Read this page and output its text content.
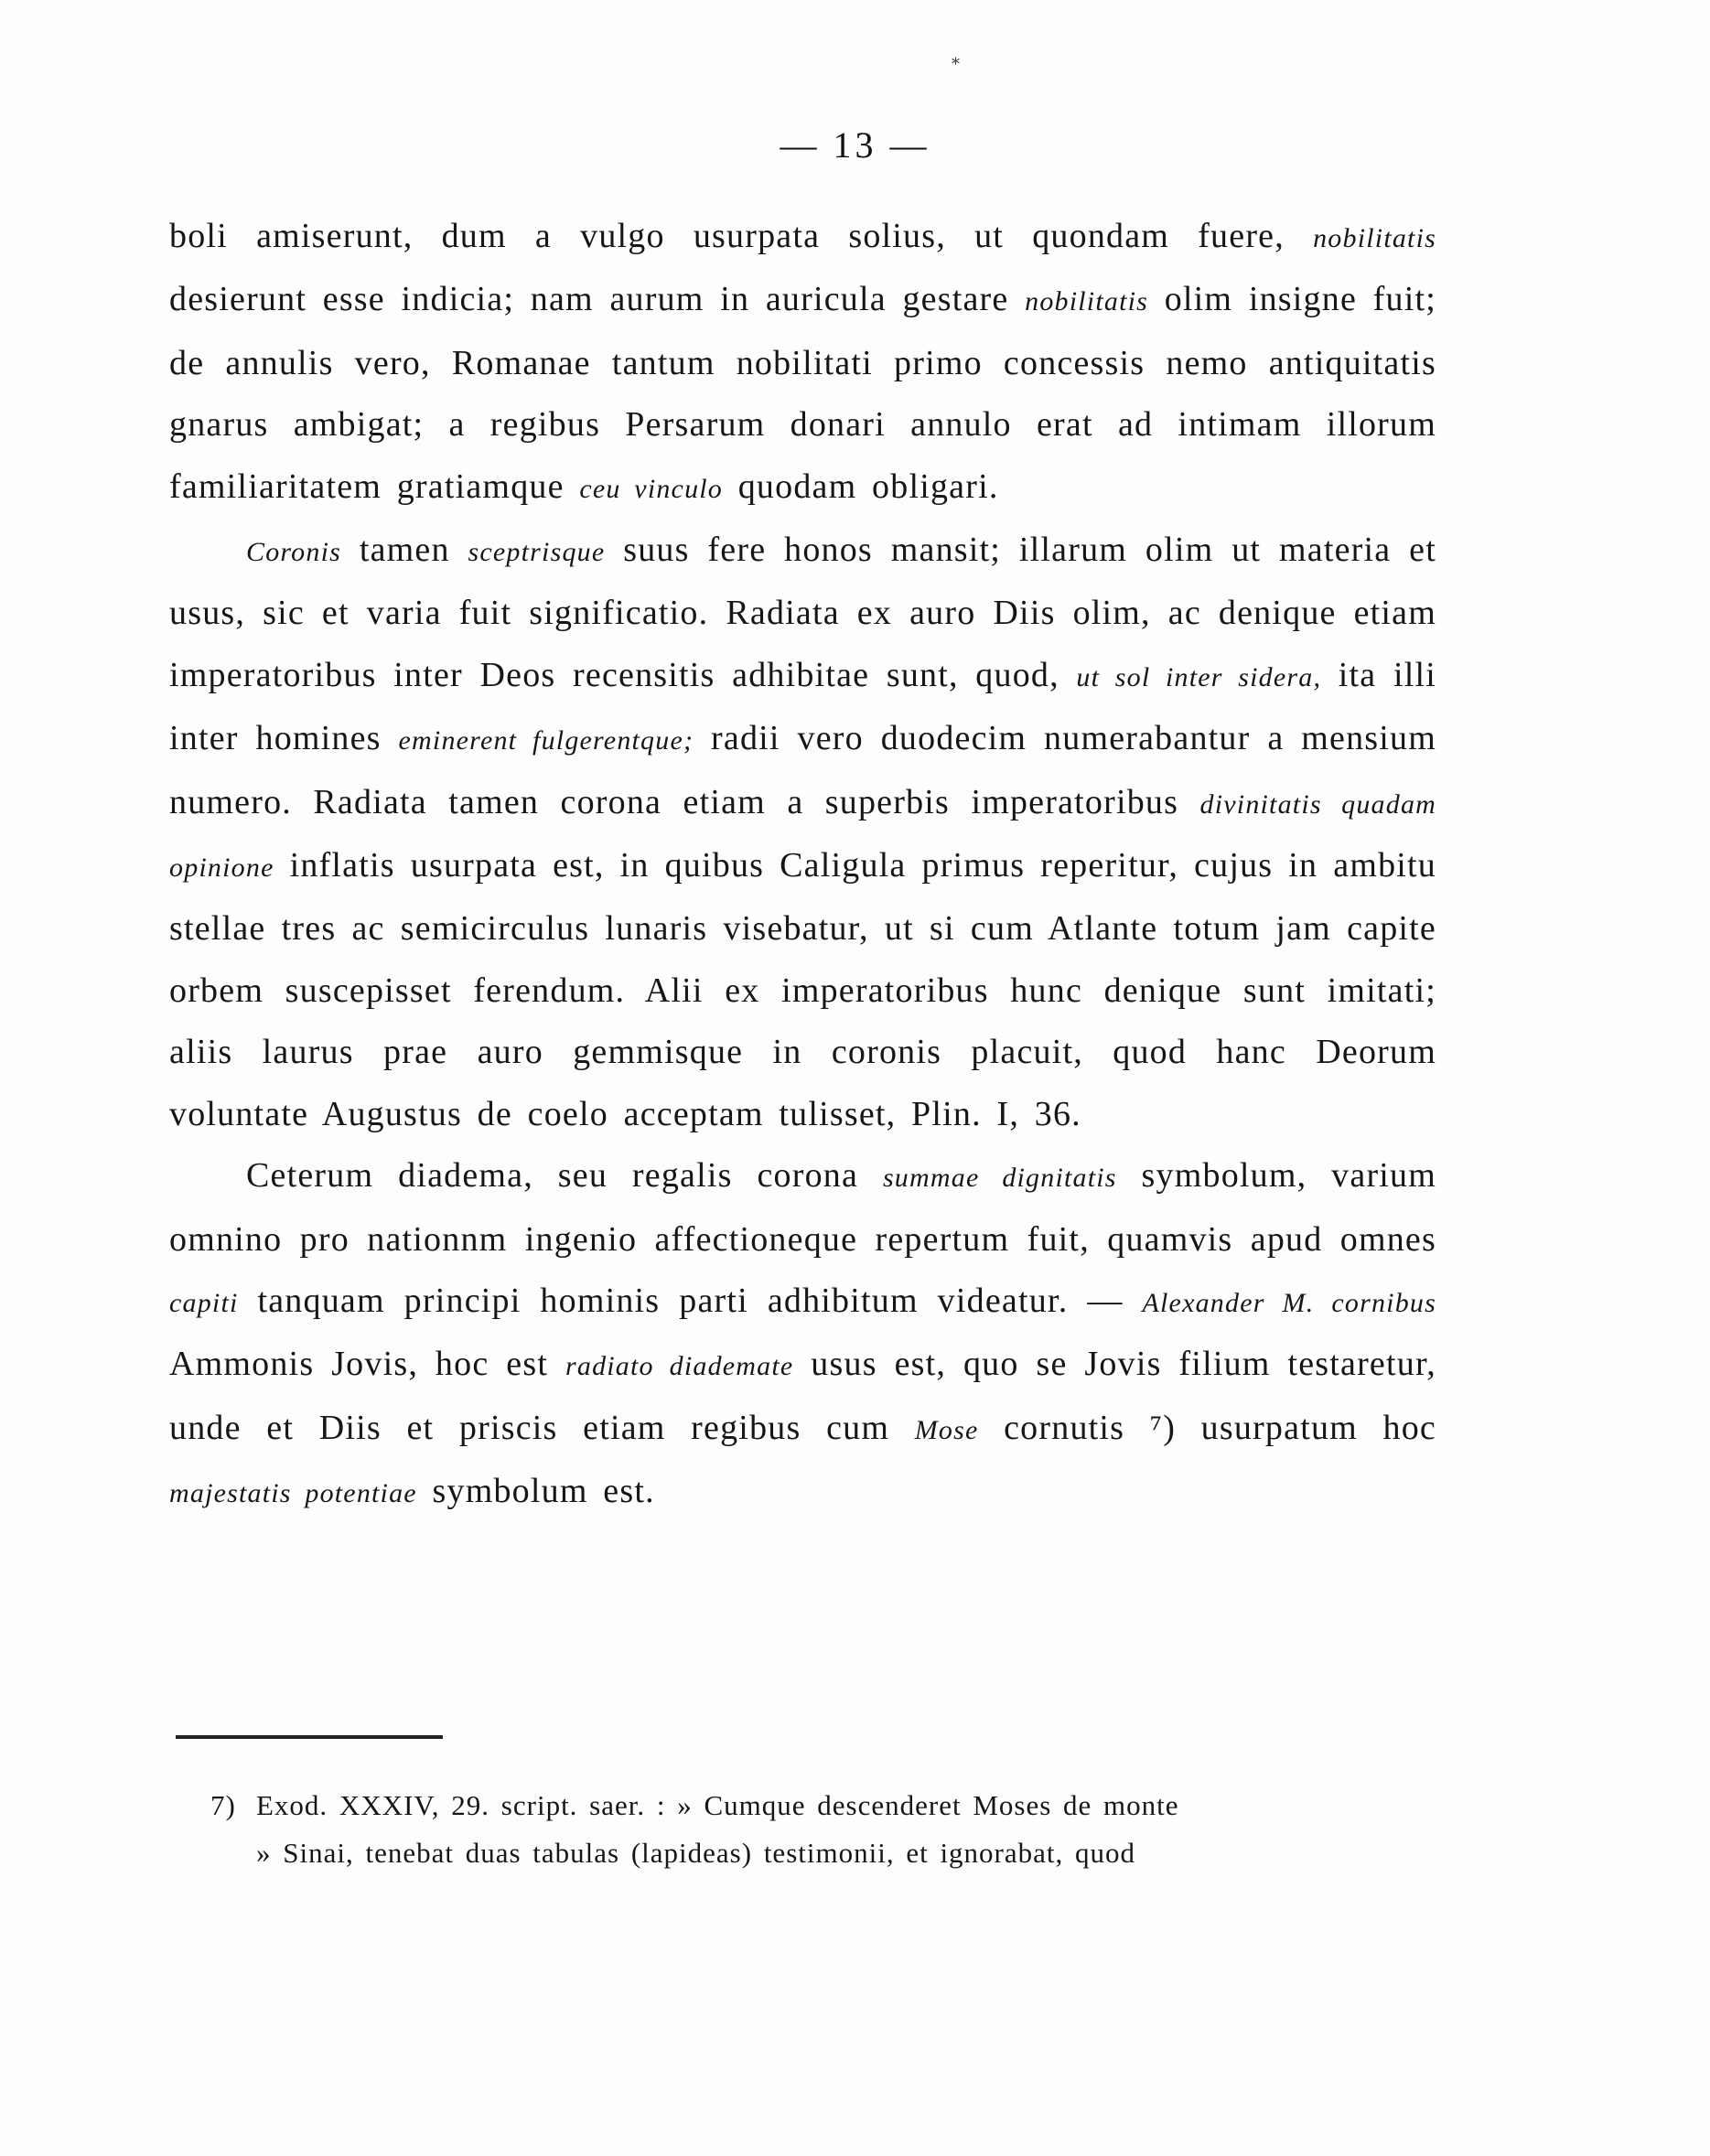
*
— 13 —

boli amiserunt, dum a vulgo usurpata solius, ut quondam fuere, nobilitatis desierunt esse indicia; nam aurum in auricula gestare nobilitatis olim insigne fuit; de annulis vero, Romanae tantum nobilitati primo concessis nemo antiquitatis gnarus ambigat; a regibus Persarum donari annulo erat ad intimam illorum familiaritatem gratiamque ceu vinculo quodam obligari.

Coronis tamen sceptrisque suus fere honos mansit; illarum olim ut materia et usus, sic et varia fuit significatio. Radiata ex auro Diis olim, ac denique etiam imperatoribus inter Deos recensitis adhibitae sunt, quod, ut sol inter sidera, ita illi inter homines eminerent fulgerentque; radii vero duodecim numerabantur a mensium numero. Radiata tamen corona etiam a superbis imperatoribus divinitatis quadam opinione inflatis usurpata est, in quibus Caligula primus reperitur, cujus in ambitu stellae tres ac semicirculus lunaris visebatur, ut si cum Atlante totum jam capite orbem suscepisset ferendum. Alii ex imperatoribus hunc denique sunt imitati; aliis laurus prae auro gemmisque in coronis placuit, quod hanc Deorum voluntate Augustus de coelo acceptam tulisset, Plin. I, 36.

Ceterum diadema, seu regalis corona summae dignitatis symbolum, varium omnino pro nationnm ingenio affectioneque repertum fuit, quamvis apud omnes capiti tanquam principi hominis parti adhibitum videatur. — Alexander M. cornibus Ammonis Jovis, hoc est radiato diademate usus est, quo se Jovis filium testaretur, unde et Diis et priscis etiam regibus cum Mose cornutis ⁷) usurpatum hoc majestatis potentiae symbolum est.

7) Exod. XXXIV, 29. script. saer. : » Cumque descenderet Moses de monte

» Sinai, tenebat duas tabulas (lapideas) testimonii, et ignorabat, quod
